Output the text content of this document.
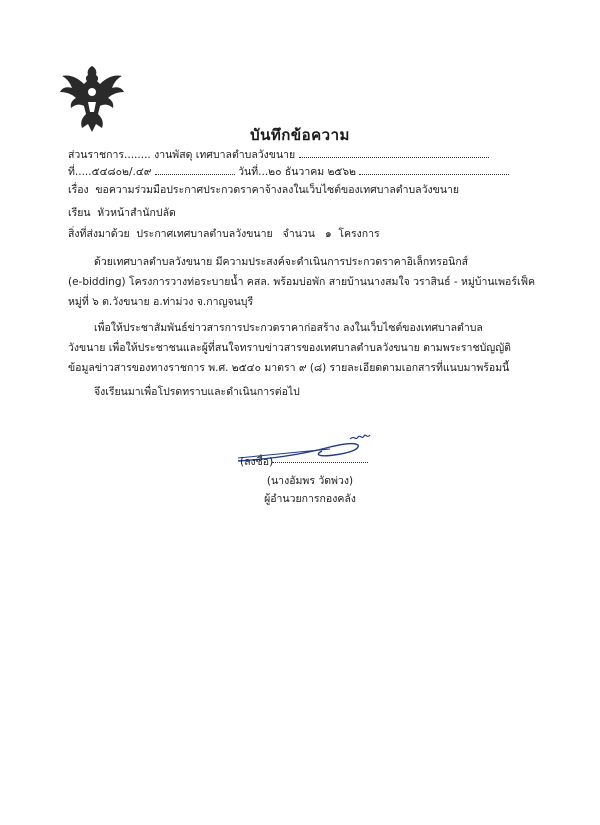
บันทึกข้อความ
ส่วนราชการ........ งานพัสดุ เทศบาลตำบลวังขนาย
ที่.....๕๔๘๐๒/.๔๙	วันที่...๒๐ ธันวาคม ๒๕๖๒
เรื่อง ขอความร่วมมือประกาศประกวดราคาจ้างลงในเว็บไซต์ของเทศบาลตำบลวังขนาย
เรียน หัวหน้าสำนักปลัด
สิ่งที่ส่งมาด้วย ประกาศเทศบาลตำบลวังขนาย จำนวน ๑ โครงการ
ด้วยเทศบาลตำบลวังขนาย มีความประสงค์จะดำเนินการประกวดราคาอิเล็กทรอนิกส์
(e-bidding) โครงการวางท่อระบายน้ำ คสล. พร้อมบ่อพัก สายบ้านนางสมใจ วราสินธ์ - หมู่บ้านเพอร์เฟ็ค
หมู่ที่ ๖ ต.วังขนาย อ.ท่าม่วง จ.กาญจนบุรี
เพื่อให้ประชาสัมพันธ์ข่าวสารการประกวดราคาก่อสร้าง ลงในเว็บไซต์ของเทศบาลตำบล
วังขนาย เพื่อให้ประชาชนและผู้ที่สนใจทราบข่าวสารของเทศบาลตำบลวังขนาย ตามพระราชบัญญัติ
ข้อมูลข่าวสารของทางราชการ พ.ศ. ๒๕๔๐ มาตรา ๙ (๘) รายละเอียดตามเอกสารที่แนบมาพร้อมนี้
จึงเรียนมาเพื่อโปรดทราบและดำเนินการต่อไป
(ลงชื่อ)
(นางอัมพร วัดพ่วง)
ผู้อำนวยการกองคลัง
